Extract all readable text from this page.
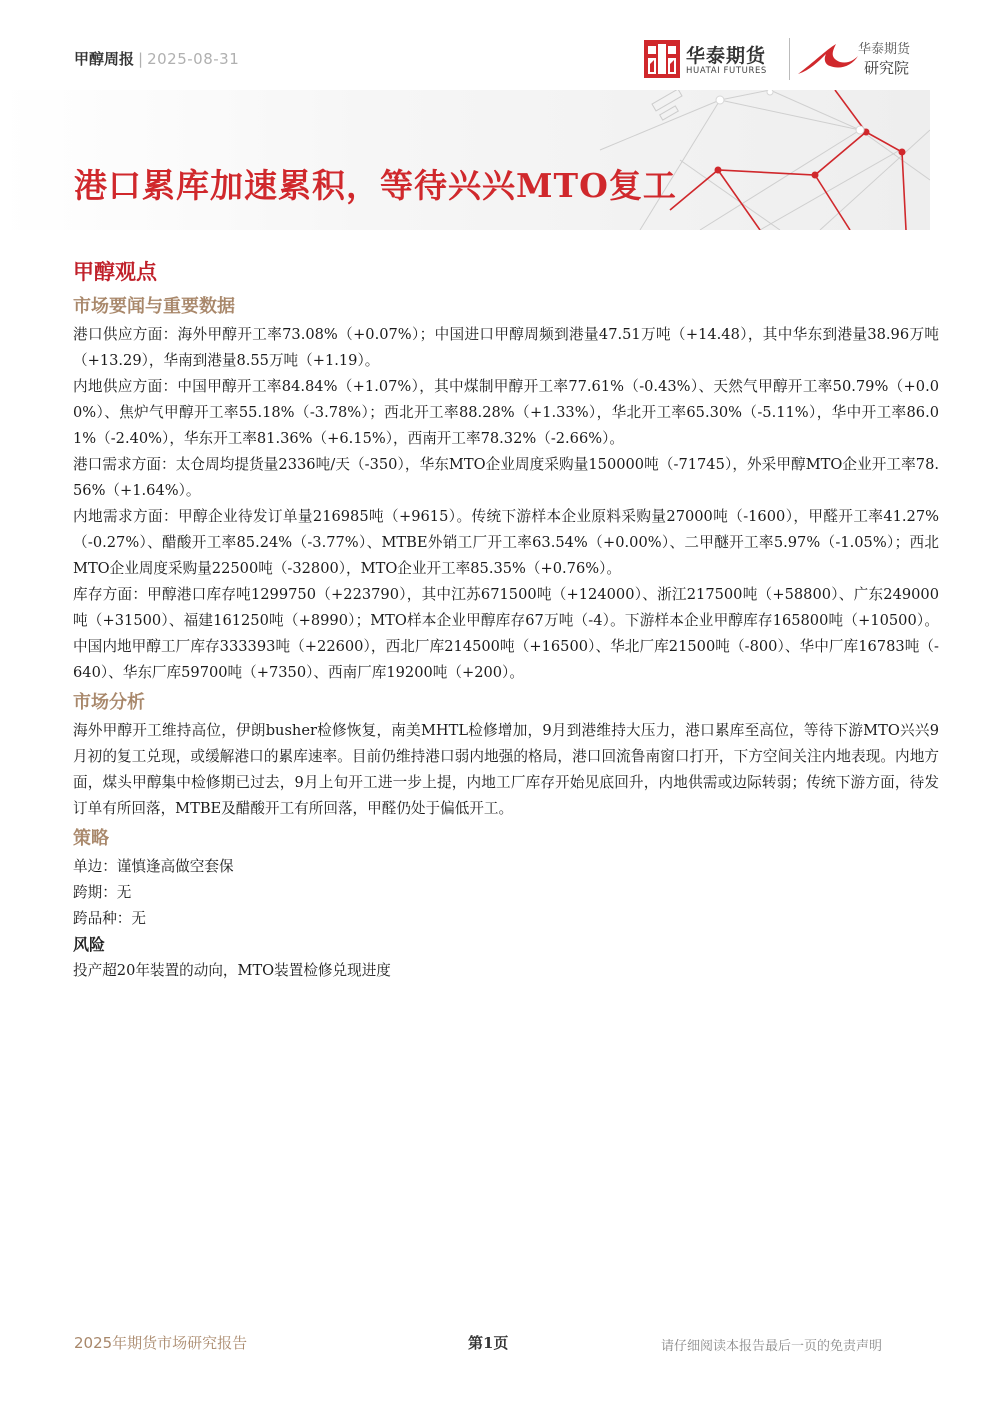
甲醇周报 | 2025-08-31	华泰期货
HUATAI FUTURES
华泰期货
研究院
港口累库加速累积，等待兴兴MTO复工
甲醇观点
市场要闻与重要数据

港口供应方面：海外甲醇开工率73.08%（+0.07%）；中国进口甲醇周频到港量47.51万吨（+14.48），其中华东到港量38.96万吨（+13.29），华南到港量8.55万吨（+1.19）。

内地供应方面：中国甲醇开工率84.84%（+1.07%），其中煤制甲醇开工率77.61%（-0.43%）、天然气甲醇开工率50.79%（+0.00%）、焦炉气甲醇开工率55.18%（-3.78%）；西北开工率88.28%（+1.33%），华北开工率65.30%（-5.11%），华中开工率86.01%（-2.40%），华东开工率81.36%（+6.15%），西南开工率78.32%（-2.66%）。

港口需求方面：太仓周均提货量2336吨/天（-350），华东MTO企业周度采购量150000吨（-71745），外采甲醇MTO企业开工率78.56%（+1.64%）。

内地需求方面：甲醇企业待发订单量216985吨（+9615）。传统下游样本企业原料采购量27000吨（-1600），甲醛开工率41.27%（-0.27%）、醋酸开工率85.24%（-3.77%）、MTBE外销工厂开工率63.54%（+0.00%）、二甲醚开工率5.97%（-1.05%）；西北MTO企业周度采购量22500吨（-32800），MTO企业开工率85.35%（+0.76%）。

库存方面：甲醇港口库存吨1299750（+223790），其中江苏671500吨（+124000）、浙江217500吨（+58800）、广东249000吨（+31500）、福建161250吨（+8990）；MTO样本企业甲醇库存67万吨（-4）。下游样本企业甲醇库存165800吨（+10500）。中国内地甲醇工厂库存333393吨（+22600），西北厂库214500吨（+16500）、华北厂库21500吨（-800）、华中厂库16783吨（-640）、华东厂库59700吨（+7350）、西南厂库19200吨（+200）。

市场分析

海外甲醇开工维持高位，伊朗busher检修恢复，南美MHTL检修增加，9月到港维持大压力，港口累库至高位，等待下游MTO兴兴9月初的复工兑现，或缓解港口的累库速率。目前仍维持港口弱内地强的格局，港口回流鲁南窗口打开，下方空间关注内地表现。内地方面，煤头甲醇集中检修期已过去，9月上旬开工进一步上提，内地工厂库存开始见底回升，内地供需或边际转弱；传统下游方面，待发订单有所回落，MTBE及醋酸开工有所回落，甲醛仍处于偏低开工。

策略

单边：谨慎逢高做空套保

跨期：无

跨品种：无

风险

投产超20年装置的动向，MTO装置检修兑现进度

2025年期货市场研究报告	第1页	请仔细阅读本报告最后一页的免责声明
